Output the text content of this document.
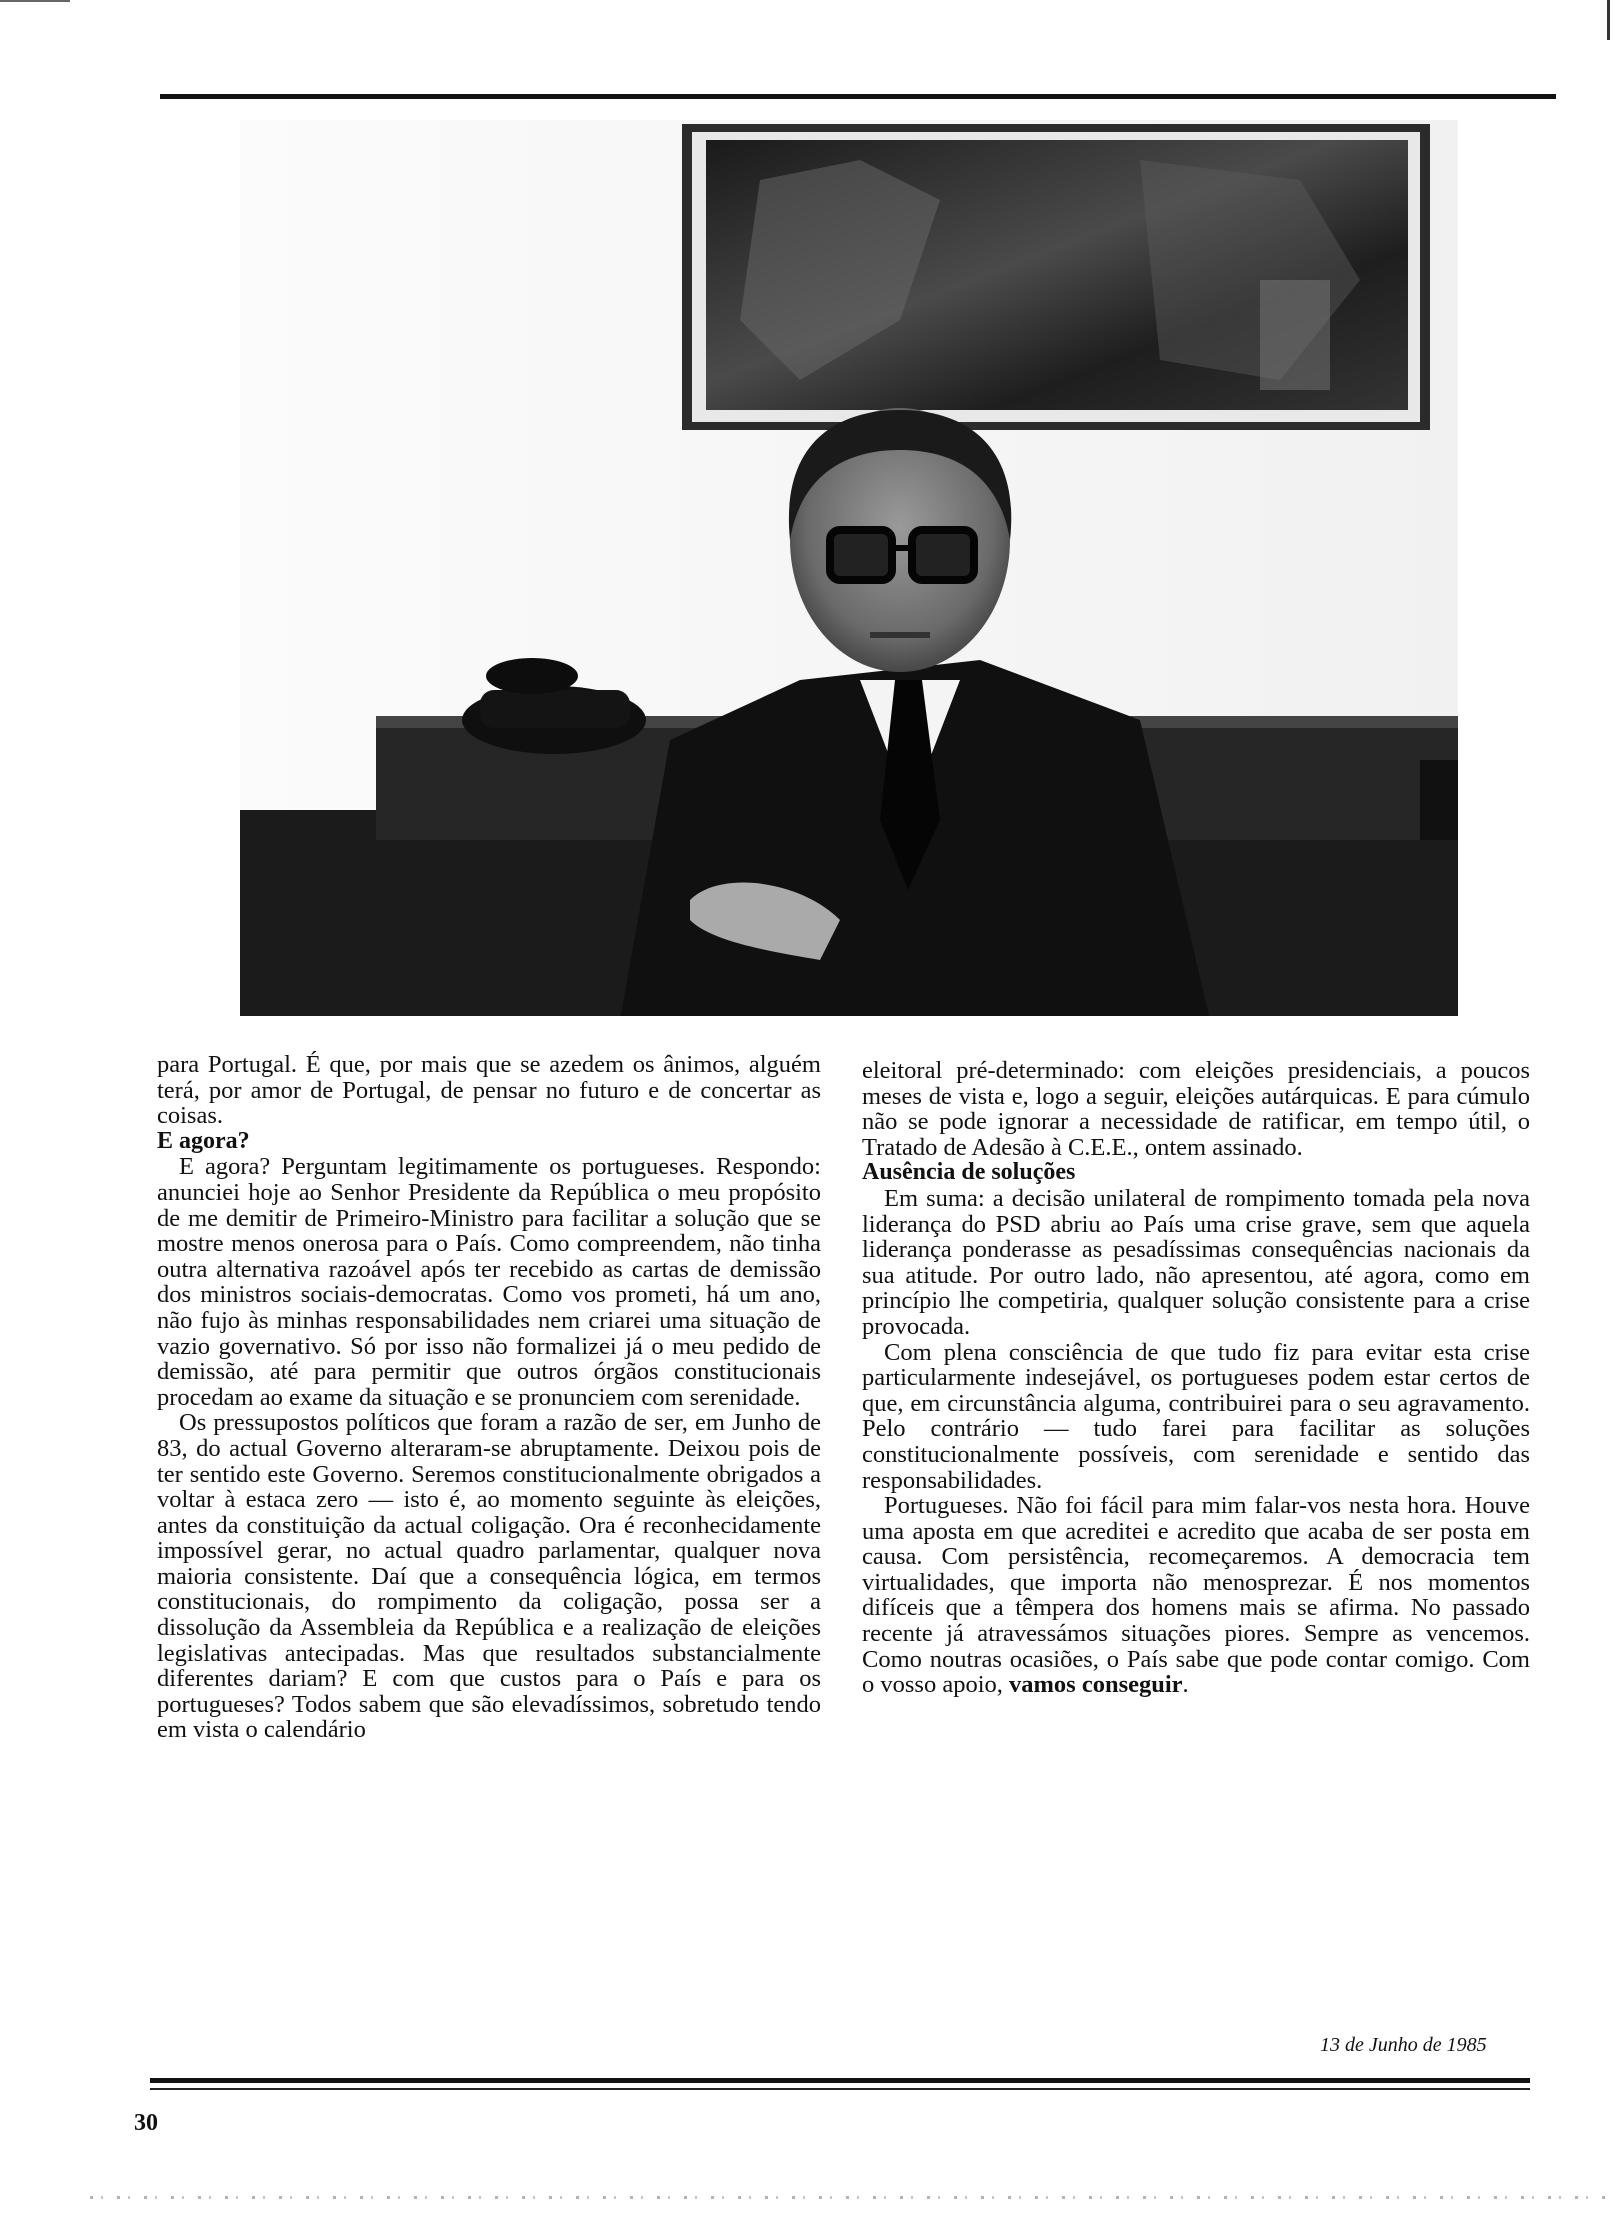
para Portugal. É que, por mais que se azedem os ânimos, alguém terá, por amor de Portugal, de pensar no futuro e de concertar as coisas.

E agora?

E agora? Perguntam legitimamente os portugueses. Respondo: anunciei hoje ao Senhor Presidente da República o meu propósito de me demitir de Primeiro-Ministro para facilitar a solução que se mostre menos onerosa para o País. Como compreendem, não tinha outra alternativa razoável após ter recebido as cartas de demissão dos ministros sociais-democratas. Como vos prometi, há um ano, não fujo às minhas responsabilidades nem criarei uma situação de vazio governativo. Só por isso não formalizei já o meu pedido de demissão, até para permitir que outros órgãos constitucionais procedam ao exame da situação e se pronunciem com serenidade.

Os pressupostos políticos que foram a razão de ser, em Junho de 83, do actual Governo alteraram-se abruptamente. Deixou pois de ter sentido este Governo. Seremos constitucionalmente obrigados a voltar à estaca zero — isto é, ao momento seguinte às eleições, antes da constituição da actual coligação. Ora é reconhecidamente impossível gerar, no actual quadro parlamentar, qualquer nova maioria consistente. Daí que a consequência lógica, em termos constitucionais, do rompimento da coligação, possa ser a dissolução da Assembleia da República e a realização de eleições legislativas antecipadas. Mas que resultados substancialmente diferentes dariam? E com que custos para o País e para os portugueses? Todos sabem que são elevadíssimos, sobretudo tendo em vista o calendário

eleitoral pré-determinado: com eleições presidenciais, a poucos meses de vista e, logo a seguir, eleições autárquicas. E para cúmulo não se pode ignorar a necessidade de ratificar, em tempo útil, o Tratado de Adesão à C.E.E., ontem assinado.

Ausência de soluções

Em suma: a decisão unilateral de rompimento tomada pela nova liderança do PSD abriu ao País uma crise grave, sem que aquela liderança ponderasse as pesadíssimas consequências nacionais da sua atitude. Por outro lado, não apresentou, até agora, como em princípio lhe competiria, qualquer solução consistente para a crise provocada.

Com plena consciência de que tudo fiz para evitar esta crise particularmente indesejável, os portugueses podem estar certos de que, em circunstância alguma, contribuirei para o seu agravamento. Pelo contrário — tudo farei para facilitar as soluções constitucionalmente possíveis, com serenidade e sentido das responsabilidades.

Portugueses. Não foi fácil para mim falar-vos nesta hora. Houve uma aposta em que acreditei e acredito que acaba de ser posta em causa. Com persistência, recomeçaremos. A democracia tem virtualidades, que importa não menosprezar. É nos momentos difíceis que a têmpera dos homens mais se afirma. No passado recente já atravessámos situações piores. Sempre as vencemos. Como noutras ocasiões, o País sabe que pode contar comigo. Com o vosso apoio, vamos conseguir.

13 de Junho de 1985
30
